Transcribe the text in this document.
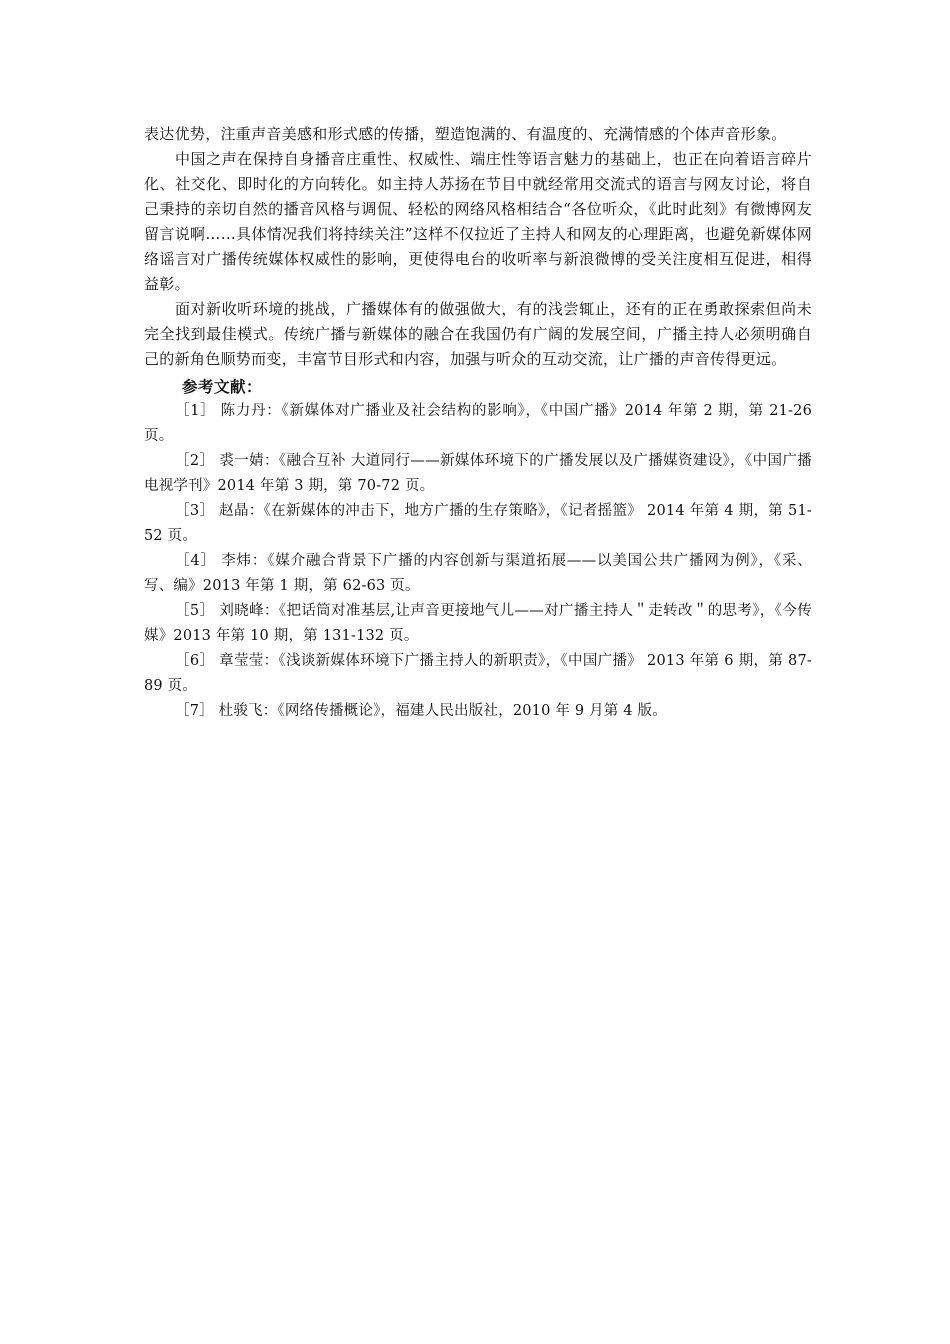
表达优势，注重声音美感和形式感的传播，塑造饱满的、有温度的、充满情感的个体声音形象。

中国之声在保持自身播音庄重性、权威性、端庄性等语言魅力的基础上，也正在向着语言碎片化、社交化、即时化的方向转化。如主持人苏扬在节目中就经常用交流式的语言与网友讨论，将自己秉持的亲切自然的播音风格与调侃、轻松的网络风格相结合“各位听众，《此时此刻》有微博网友留言说啊……具体情况我们将持续关注”这样不仅拉近了主持人和网友的心理距离，也避免新媒体网络谣言对广播传统媒体权威性的影响，更使得电台的收听率与新浪微博的受关注度相互促进，相得益彰。

面对新收听环境的挑战，广播媒体有的做强做大，有的浅尝辄止，还有的正在勇敢探索但尚未完全找到最佳模式。传统广播与新媒体的融合在我国仍有广阔的发展空间，广播主持人必须明确自己的新角色顺势而变，丰富节目形式和内容，加强与听众的互动交流，让广播的声音传得更远。

参考文献：

［1］ 陈力丹：《新媒体对广播业及社会结构的影响》，《中国广播》2014 年第 2 期，第 21-26 页。

［2］ 裘一婧：《融合互补 大道同行——新媒体环境下的广播发展以及广播媒资建设》，《中国广播电视学刊》2014 年第 3 期，第 70-72 页。

［3］ 赵晶：《在新媒体的冲击下，地方广播的生存策略》，《记者摇篮》 2014 年第 4 期，第 51-52 页。

［4］ 李炜：《媒介融合背景下广播的内容创新与渠道拓展——以美国公共广播网为例》，《采、写、编》2013 年第 1 期，第 62-63 页。

［5］ 刘晓峰：《把话筒对准基层,让声音更接地气儿——对广播主持人＂走转改＂的思考》，《今传媒》2013 年第 10 期，第 131-132 页。

［6］ 章莹莹：《浅谈新媒体环境下广播主持人的新职责》，《中国广播》 2013 年第 6 期，第 87-89 页。

［7］ 杜骏飞：《网络传播概论》，福建人民出版社，2010 年 9 月第 4 版。
